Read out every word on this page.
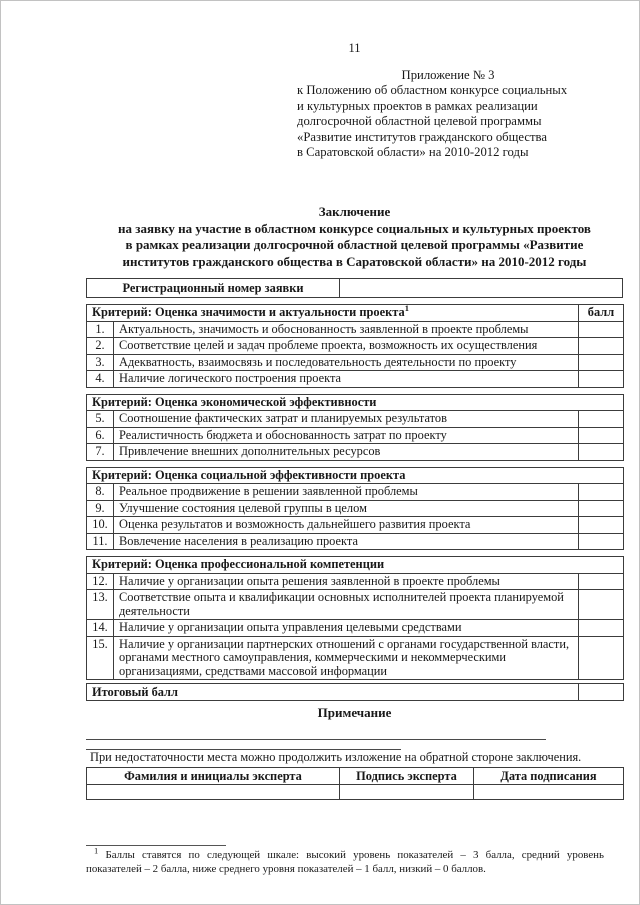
11
Приложение № 3
к Положению об областном конкурсе социальных
и культурных проектов в рамках реализации
долгосрочной областной целевой программы
«Развитие институтов гражданского общества
в Саратовской области» на 2010-2012 годы
Заключение
на заявку на участие в областном конкурсе социальных и культурных проектов
в рамках реализации долгосрочной областной целевой программы «Развитие
институтов гражданского общества в Саратовской области» на 2010-2012 годы
Регистрационный номер заявки	
Критерий: Оценка значимости и актуальности проекта$^1$		балл
1.	Актуальность, значимость и обоснованность заявленной в проекте проблемы	
2.	Соответствие целей и задач проблеме проекта, возможность их осуществления	
3.	Адекватность, взаимосвязь и последовательность деятельности по проекту	
4.	Наличие логического построения проекта	
Критерий: Оценка экономической эффективности		
5.	Соотношение фактических затрат и планируемых результатов	
6.	Реалистичность бюджета и обоснованность затрат по проекту	
7.	Привлечение внешних дополнительных ресурсов	
Критерий: Оценка социальной эффективности проекта		
8.	Реальное продвижение в решении заявленной проблемы	
9.	Улучшение состояния целевой группы в целом	
10.	Оценка результатов и возможность дальнейшего развития проекта	
11.	Вовлечение населения в реализацию проекта	
Критерий: Оценка профессиональной компетенции		
12.	Наличие у организации опыта решения заявленной в проекте проблемы	
13.	Соответствие опыта и квалификации основных исполнителей проекта планируемой деятельности	
14.	Наличие у организации опыта управления целевыми средствами	
15.	Наличие у организации партнерских отношений с органами государственной власти, органами местного самоуправления, коммерческими и некоммерческими организациями, средствами массовой информации	
Итоговый балл	
Примечание
При недостаточности места можно продолжить изложение на обратной стороне заключения.
Фамилия и инициалы эксперта	Подпись эксперта	Дата подписания

$^1$ Баллы ставятся по следующей шкале: высокий уровень показателей – 3 балла, средний уровень показателей – 2 балла, ниже среднего уровня показателей – 1 балл, низкий – 0 баллов.
